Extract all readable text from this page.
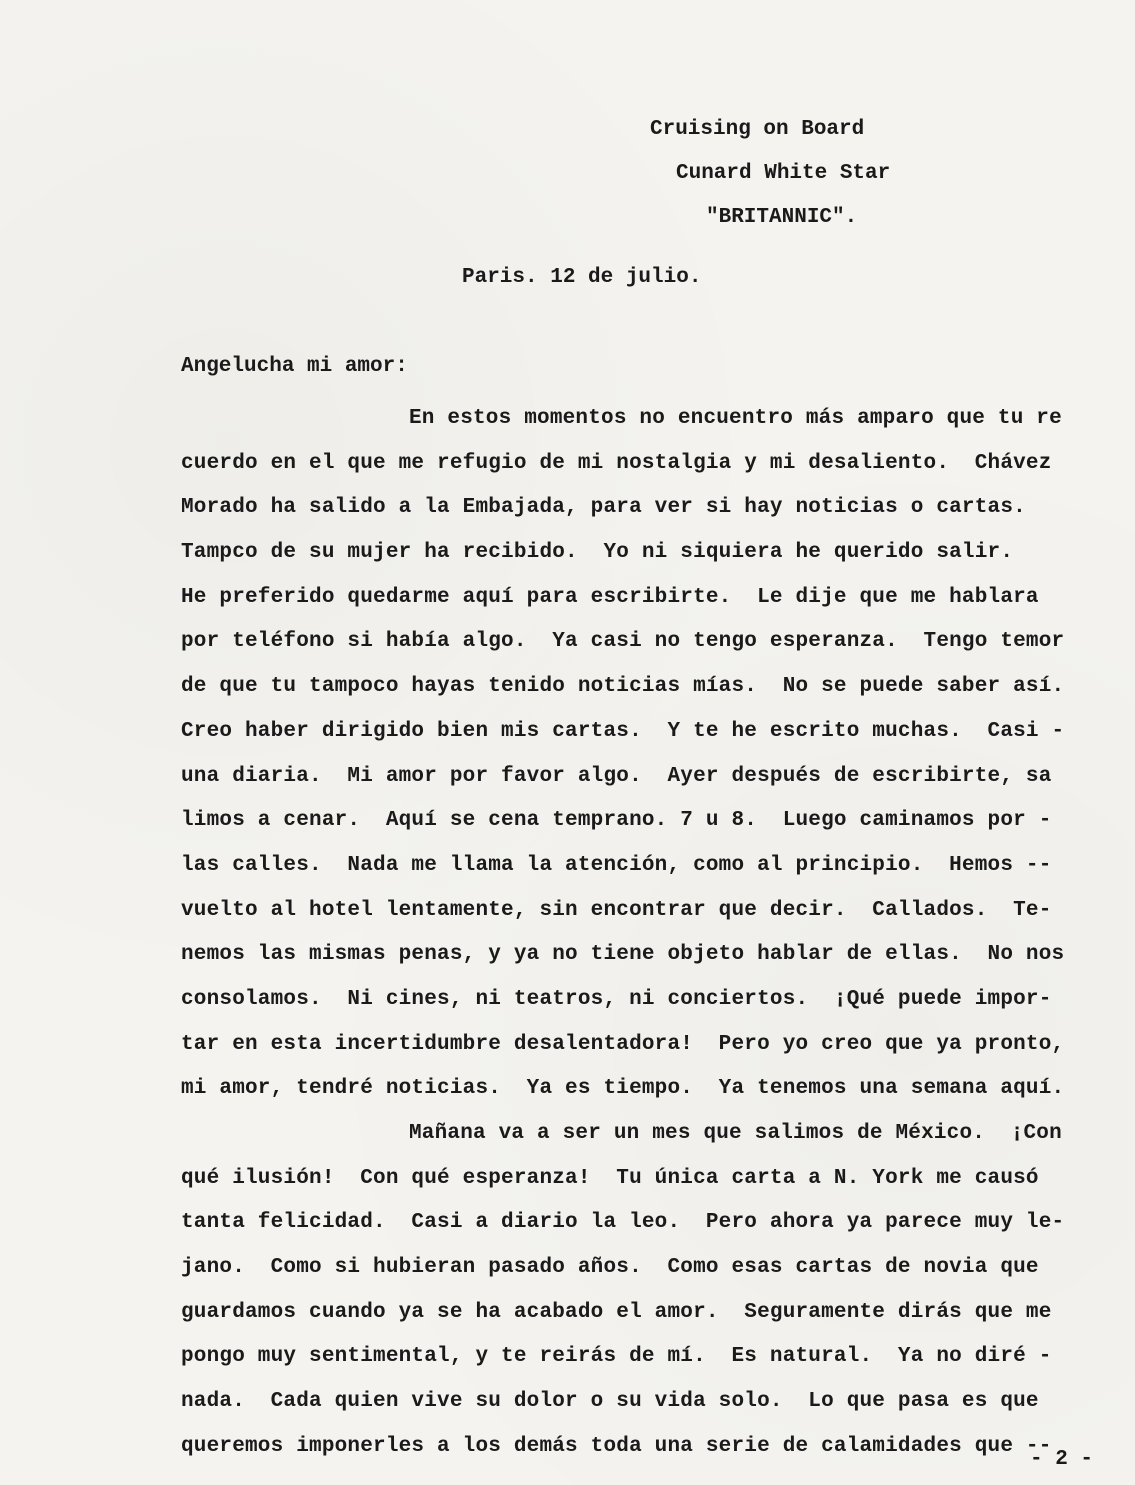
Cruising on Board
Cunard White Star
"BRITANNIC".
Paris. 12 de julio.
Angelucha mi amor:
En estos momentos no encuentro más amparo que tu re
cuerdo en el que me refugio de mi nostalgia y mi desaliento.  Chávez
Morado ha salido a la Embajada, para ver si hay noticias o cartas.
Tampco de su mujer ha recibido.  Yo ni siquiera he querido salir.
He preferido quedarme aquí para escribirte.  Le dije que me hablara
por teléfono si había algo.  Ya casi no tengo esperanza.  Tengo temor
de que tu tampoco hayas tenido noticias mías.  No se puede saber así.
Creo haber dirigido bien mis cartas.  Y te he escrito muchas.  Casi -
una diaria.  Mi amor por favor algo.  Ayer después de escribirte, sa
limos a cenar.  Aquí se cena temprano. 7 u 8.  Luego caminamos por -
las calles.  Nada me llama la atención, como al principio.  Hemos --
vuelto al hotel lentamente, sin encontrar que decir.  Callados.  Te-
nemos las mismas penas, y ya no tiene objeto hablar de ellas.  No nos
consolamos.  Ni cines, ni teatros, ni conciertos.  ¡Qué puede impor-
tar en esta incertidumbre desalentadora!  Pero yo creo que ya pronto,
mi amor, tendré noticias.  Ya es tiempo.  Ya tenemos una semana aquí.
Mañana va a ser un mes que salimos de México.  ¡Con
qué ilusión!  Con qué esperanza!  Tu única carta a N. York me causó
tanta felicidad.  Casi a diario la leo.  Pero ahora ya parece muy le-
jano.  Como si hubieran pasado años.  Como esas cartas de novia que
guardamos cuando ya se ha acabado el amor.  Seguramente dirás que me
pongo muy sentimental, y te reirás de mí.  Es natural.  Ya no diré -
nada.  Cada quien vive su dolor o su vida solo.  Lo que pasa es que
queremos imponerles a los demás toda una serie de calamidades que --
- 2 -
